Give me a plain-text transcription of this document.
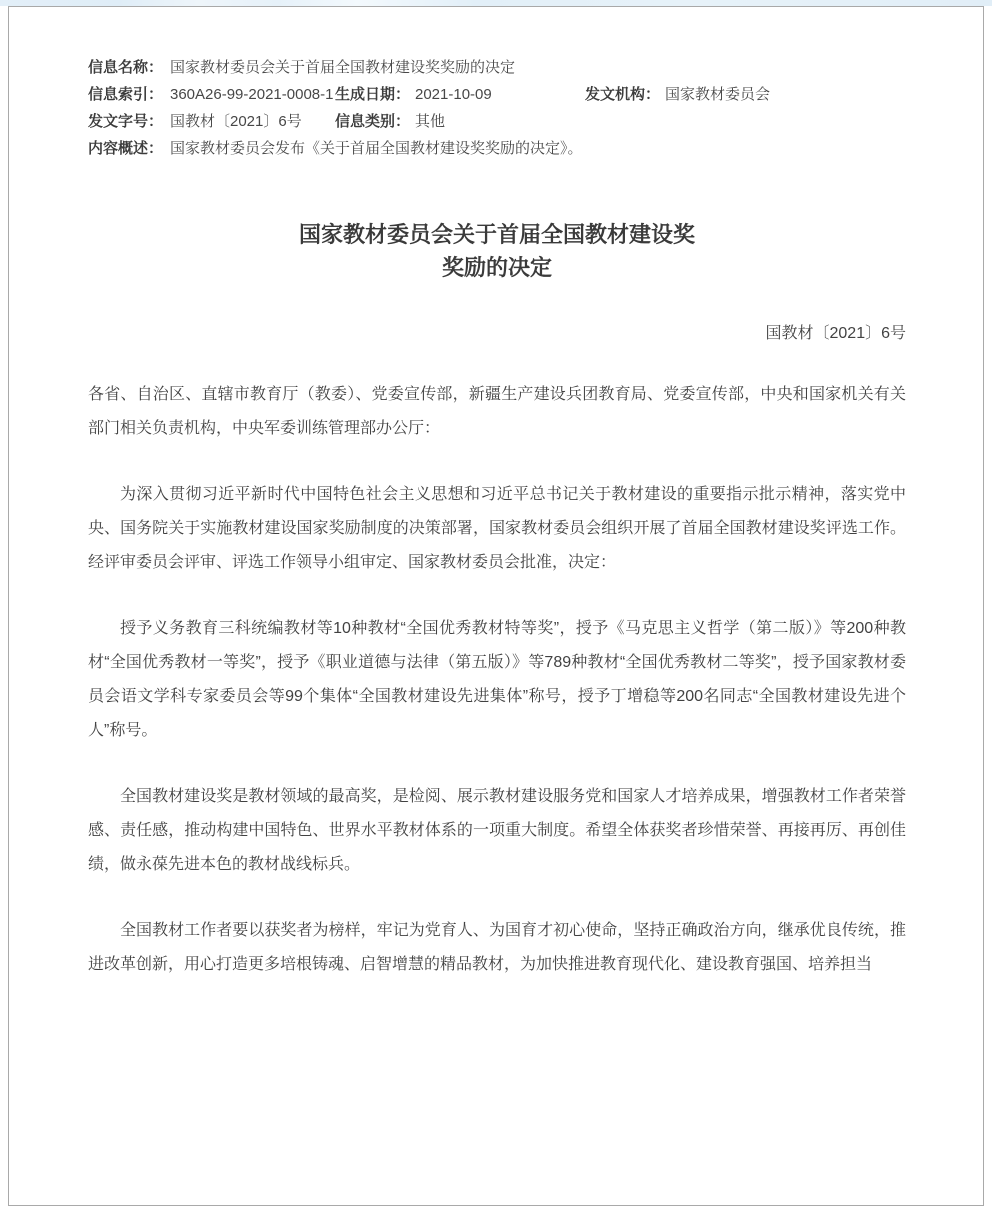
信息名称： 国家教材委员会关于首届全国教材建设奖奖励的决定
信息索引： 360A26-99-2021-0008-1 生成日期： 2021-10-09	发文机构： 国家教材委员会
发文字号： 国教材〔2021〕6号	信息类别： 其他
内容概述： 国家教材委员会发布《关于首届全国教材建设奖奖励的决定》。
国家教材委员会关于首届全国教材建设奖
奖励的决定
国教材〔2021〕6号

各省、自治区、直辖市教育厅（教委）、党委宣传部，新疆生产建设兵团教育局、党委宣传部，中央和国家机关有关部门相关负责机构，中央军委训练管理部办公厅：

为深入贯彻习近平新时代中国特色社会主义思想和习近平总书记关于教材建设的重要指示批示精神，落实党中央、国务院关于实施教材建设国家奖励制度的决策部署，国家教材委员会组织开展了首届全国教材建设奖评选工作。经评审委员会评审、评选工作领导小组审定、国家教材委员会批准，决定：

授予义务教育三科统编教材等10种教材“全国优秀教材特等奖”，授予《马克思主义哲学（第二版）》等200种教材“全国优秀教材一等奖”，授予《职业道德与法律（第五版）》等789种教材“全国优秀教材二等奖”，授予国家教材委员会语文学科专家委员会等99个集体“全国教材建设先进集体”称号，授予丁增稳等200名同志“全国教材建设先进个人”称号。

全国教材建设奖是教材领域的最高奖，是检阅、展示教材建设服务党和国家人才培养成果，增强教材工作者荣誉感、责任感，推动构建中国特色、世界水平教材体系的一项重大制度。希望全体获奖者珍惜荣誉、再接再厉、再创佳绩，做永葆先进本色的教材战线标兵。

全国教材工作者要以获奖者为榜样，牢记为党育人、为国育才初心使命，坚持正确政治方向，继承优良传统，推进改革创新，用心打造更多培根铸魂、启智增慧的精品教材，为加快推进教育现代化、建设教育强国、培养担当
